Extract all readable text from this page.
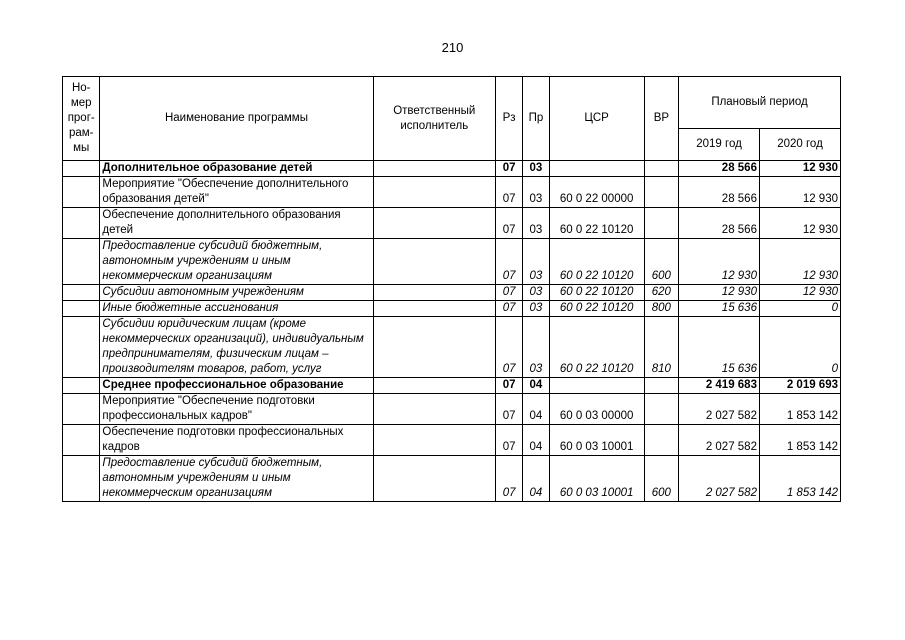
210
Но-
мер
прог-
рам-
мы	Наименование программы	Ответственный исполнитель	Рз	Пр	ЦСР	ВР	Плановый период	
							2019 год	2020 год
	Дополнительное образование детей		07	03			28 566	12 930
	Мероприятие "Обеспечение дополнительного образования детей"		07	03	60 0 22 00000		28 566	12 930
	Обеспечение дополнительного образования детей		07	03	60 0 22 10120		28 566	12 930
	Предоставление субсидий бюджетным, автономным учреждениям и иным некоммерческим организациям		07	03	60 0 22 10120	600	12 930	12 930
	Субсидии автономным учреждениям		07	03	60 0 22 10120	620	12 930	12 930
	Иные бюджетные ассигнования		07	03	60 0 22 10120	800	15 636	0
	Субсидии юридическим лицам (кроме некоммерческих организаций), индивидуальным предпринимателям, физическим лицам – производителям товаров, работ, услуг		07	03	60 0 22 10120	810	15 636	0
	Среднее профессиональное образование		07	04			2 419 683	2 019 693
	Мероприятие "Обеспечение подготовки профессиональных кадров"		07	04	60 0 03 00000		2 027 582	1 853 142
	Обеспечение подготовки профессиональных кадров		07	04	60 0 03 10001		2 027 582	1 853 142
	Предоставление субсидий бюджетным, автономным учреждениям и иным некоммерческим организациям		07	04	60 0 03 10001	600	2 027 582	1 853 142
